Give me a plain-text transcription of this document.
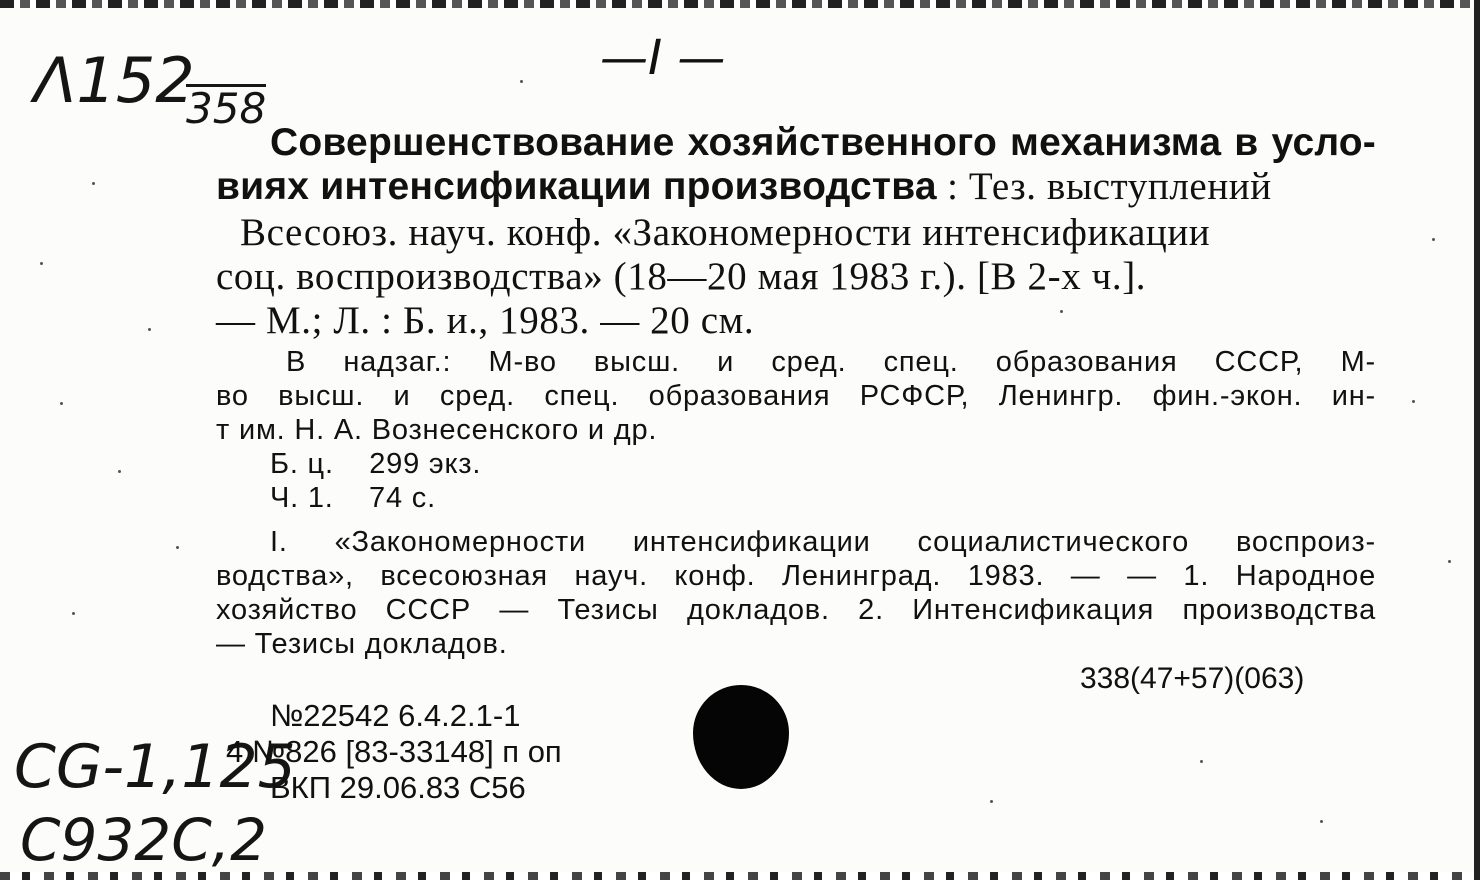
Λ152
358
—I —
CG-1,125
C932C,2
Совершенствование хозяйственного механизма в усло-
виях интенсификации производства : Тез. выступлений
Всесоюз. науч. конф. «Закономерности интенсификации
соц. воспроизводства» (18—20 мая 1983 г.). [В 2-х ч.].
— М.; Л. : Б. и., 1983. — 20 см.
В надзаг.: М-во высш. и сред. спец. образования СССР, М-
во высш. и сред. спец. образования РСФСР, Ленингр. фин.-экон. ин-
т им. Н. А. Вознесенского и др.
Б. ц.    299 экз.
Ч. 1.    74 с.
I. «Закономерности интенсификации социалистического воспроиз-
водства», всесоюзная науч. конф. Ленинград. 1983. — — 1. Народное
хозяйство СССР — Тезисы докладов. 2. Интенсификация производства
— Тезисы докладов.
338(47+57)(063)
№22542 6.4.2.1-1
4 №826 [83-33148] п оп
ВКП 29.06.83 С56
